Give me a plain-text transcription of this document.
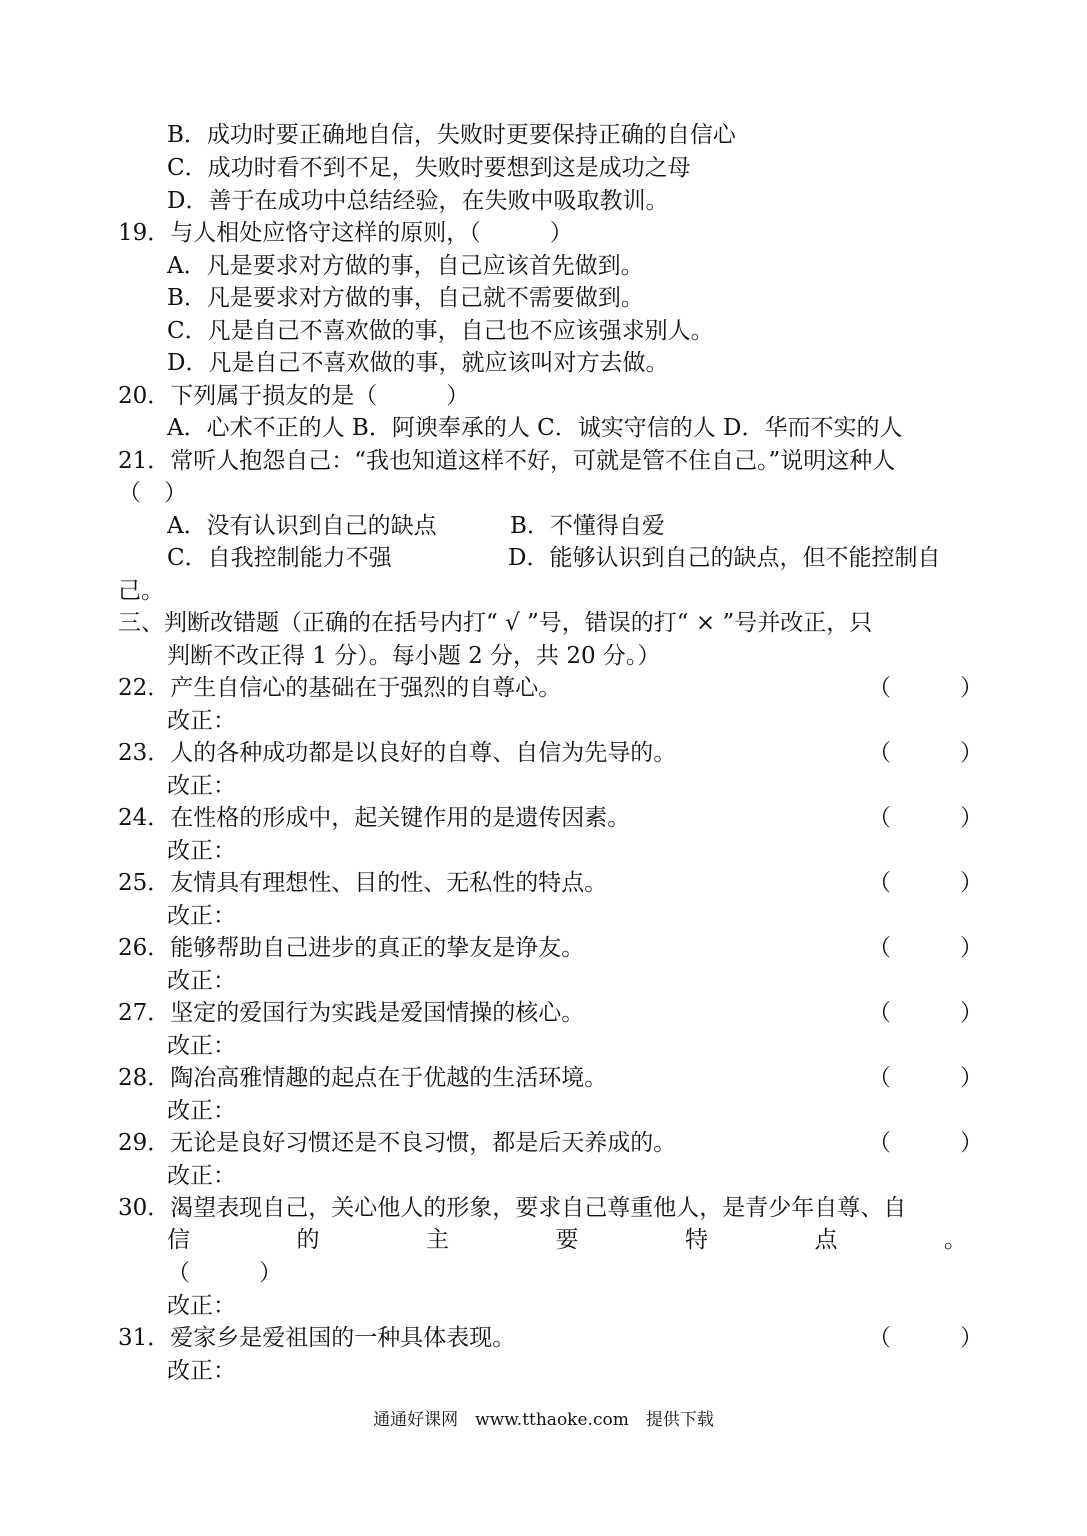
B．成功时要正确地自信，失败时更要保持正确的自信心
C．成功时看不到不足，失败时要想到这是成功之母
D．善于在成功中总结经验，在失败中吸取教训。
19．与人相处应恪守这样的原则，（　　　）
A．凡是要求对方做的事，自己应该首先做到。
B．凡是要求对方做的事，自己就不需要做到。
C．凡是自己不喜欢做的事，自己也不应该强求别人。
D．凡是自己不喜欢做的事，就应该叫对方去做。
20．下列属于损友的是（　　　）
A．心术不正的人 B．阿谀奉承的人 C．诚实守信的人 D．华而不实的人
21．常听人抱怨自己：“我也知道这样不好，可就是管不住自己。”说明这种人
（　）
A．没有认识到自己的缺点	B．不懂得自爱
C．自我控制能力不强	D．能够认识到自己的缺点，但不能控制自
己。
三、判断改错题（正确的在括号内打“ √ ”号，错误的打“ × ”号并改正，只
判断不改正得 1 分）。每小题 2 分，共 20 分。）
22．产生自信心的基础在于强烈的自尊心。	（　　　）
改正：
23．人的各种成功都是以良好的自尊、自信为先导的。	（　　　）
改正：
24．在性格的形成中，起关键作用的是遗传因素。	（　　　）
改正：
25．友情具有理想性、目的性、无私性的特点。	（　　　）
改正：
26．能够帮助自己进步的真正的挚友是诤友。	（　　　）
改正：
27．坚定的爱国行为实践是爱国情操的核心。	（　　　）
改正：
28．陶冶高雅情趣的起点在于优越的生活环境。	（　　　）
改正：
29．无论是良好习惯还是不良习惯，都是后天养成的。	（　　　）
改正：
30．渴望表现自己，关心他人的形象，要求自己尊重他人，是青少年自尊、自
信	的	主	要	特	点	。
（　　　）
改正：
31．爱家乡是爱祖国的一种具体表现。	（　　　）
改正：
通通好课网　www.tthaoke.com　提供下载
